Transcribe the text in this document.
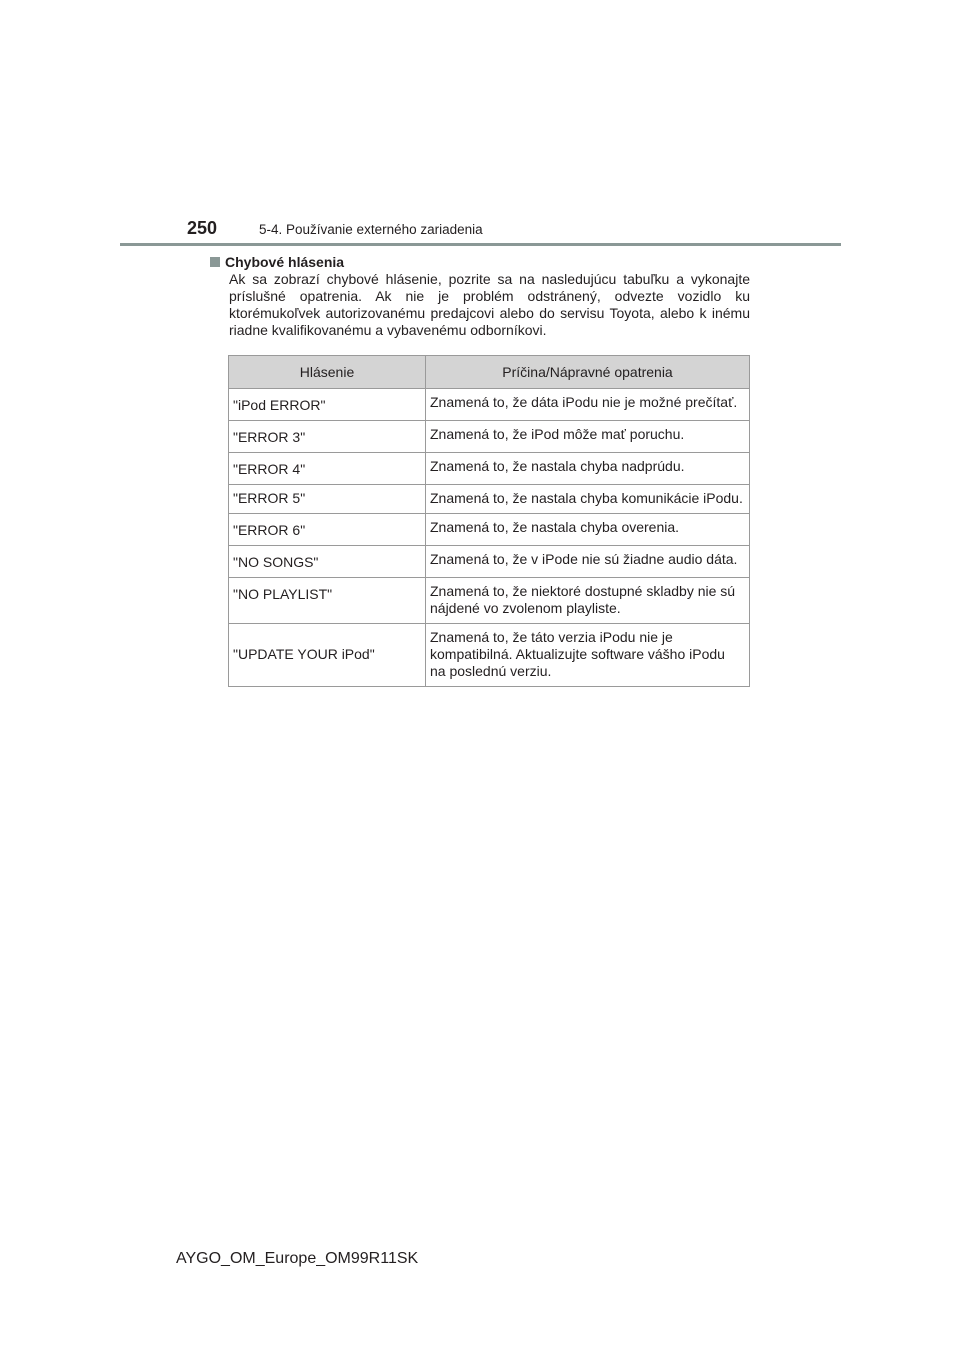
250	5-4. Používanie externého zariadenia
Chybové hlásenia
Ak sa zobrazí chybové hlásenie, pozrite sa na nasledujúcu tabuľku a vykonajte príslušné opatrenia. Ak nie je problém odstránený, odvezte vozidlo ku ktorémukoľvek autorizovanému predajcovi alebo do servisu Toyota, alebo k inému riadne kvalifikovanému a vybavenému odborníkovi.
Hlásenie	Príčina/Nápravné opatrenia
"iPod ERROR"	Znamená to, že dáta iPodu nie je možné prečítať.
"ERROR 3"	Znamená to, že iPod môže mať poruchu.
"ERROR 4"	Znamená to, že nastala chyba nadprúdu.
"ERROR 5"	Znamená to, že nastala chyba komunikácie iPodu.
"ERROR 6"	Znamená to, že nastala chyba overenia.
"NO SONGS"	Znamená to, že v iPode nie sú žiadne audio dáta.
"NO PLAYLIST"	Znamená to, že niektoré dostupné skladby nie sú nájdené vo zvolenom playliste.
"UPDATE YOUR iPod"	Znamená to, že táto verzia iPodu nie je kompatibilná. Aktualizujte software vášho iPodu na poslednú verziu.
AYGO_OM_Europe_OM99R11SK
